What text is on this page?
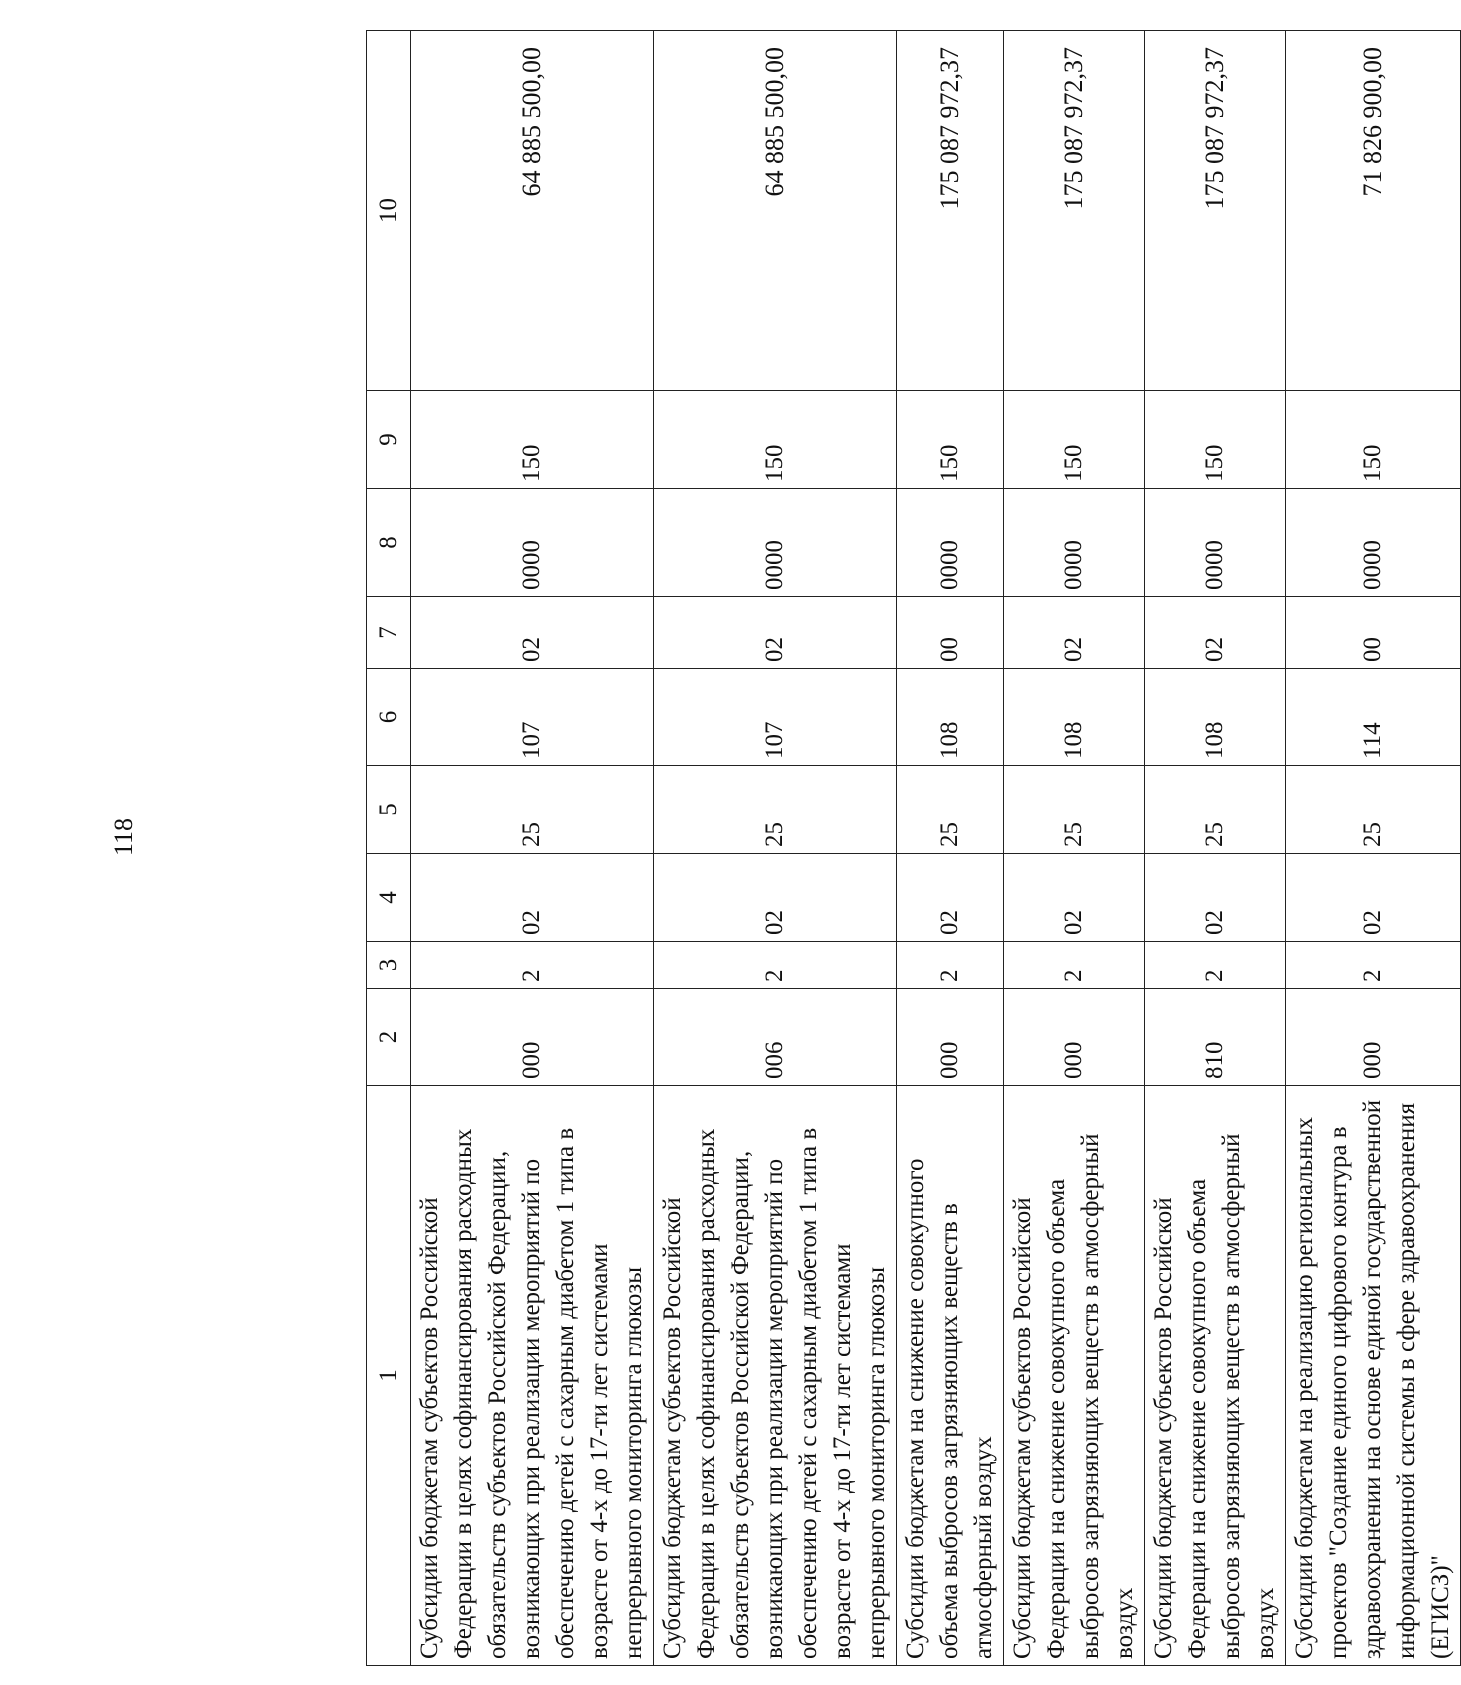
118
1	2	3	4	5	6	7	8	9	10
Субсидии бюджетам субъектов Российской Федерации в целях софинансирования расходных обязательств субъектов Российской Федерации, возникающих при реализации мероприятий по обеспечению детей с сахарным диабетом 1 типа в возрасте от 4-х до 17-ти лет системами непрерывного мониторинга глюкозы	000	2	02	25	107	02	0000	150	64 885 500,00
Субсидии бюджетам субъектов Российской Федерации в целях софинансирования расходных обязательств субъектов Российской Федерации, возникающих при реализации мероприятий по обеспечению детей с сахарным диабетом 1 типа в возрасте от 4-х до 17-ти лет системами непрерывного мониторинга глюкозы	006	2	02	25	107	02	0000	150	64 885 500,00
Субсидии бюджетам на снижение совокупного объема выбросов загрязняющих веществ в атмосферный воздух	000	2	02	25	108	00	0000	150	175 087 972,37
Субсидии бюджетам субъектов Российской Федерации на снижение совокупного объема выбросов загрязняющих веществ в атмосферный воздух	000	2	02	25	108	02	0000	150	175 087 972,37
Субсидии бюджетам субъектов Российской Федерации на снижение совокупного объема выбросов загрязняющих веществ в атмосферный воздух	810	2	02	25	108	02	0000	150	175 087 972,37
Субсидии бюджетам на реализацию региональных проектов "Создание единого цифрового контура в здравоохранении на основе единой государственной информационной системы в сфере здравоохранения (ЕГИСЗ)"	000	2	02	25	114	00	0000	150	71 826 900,00
